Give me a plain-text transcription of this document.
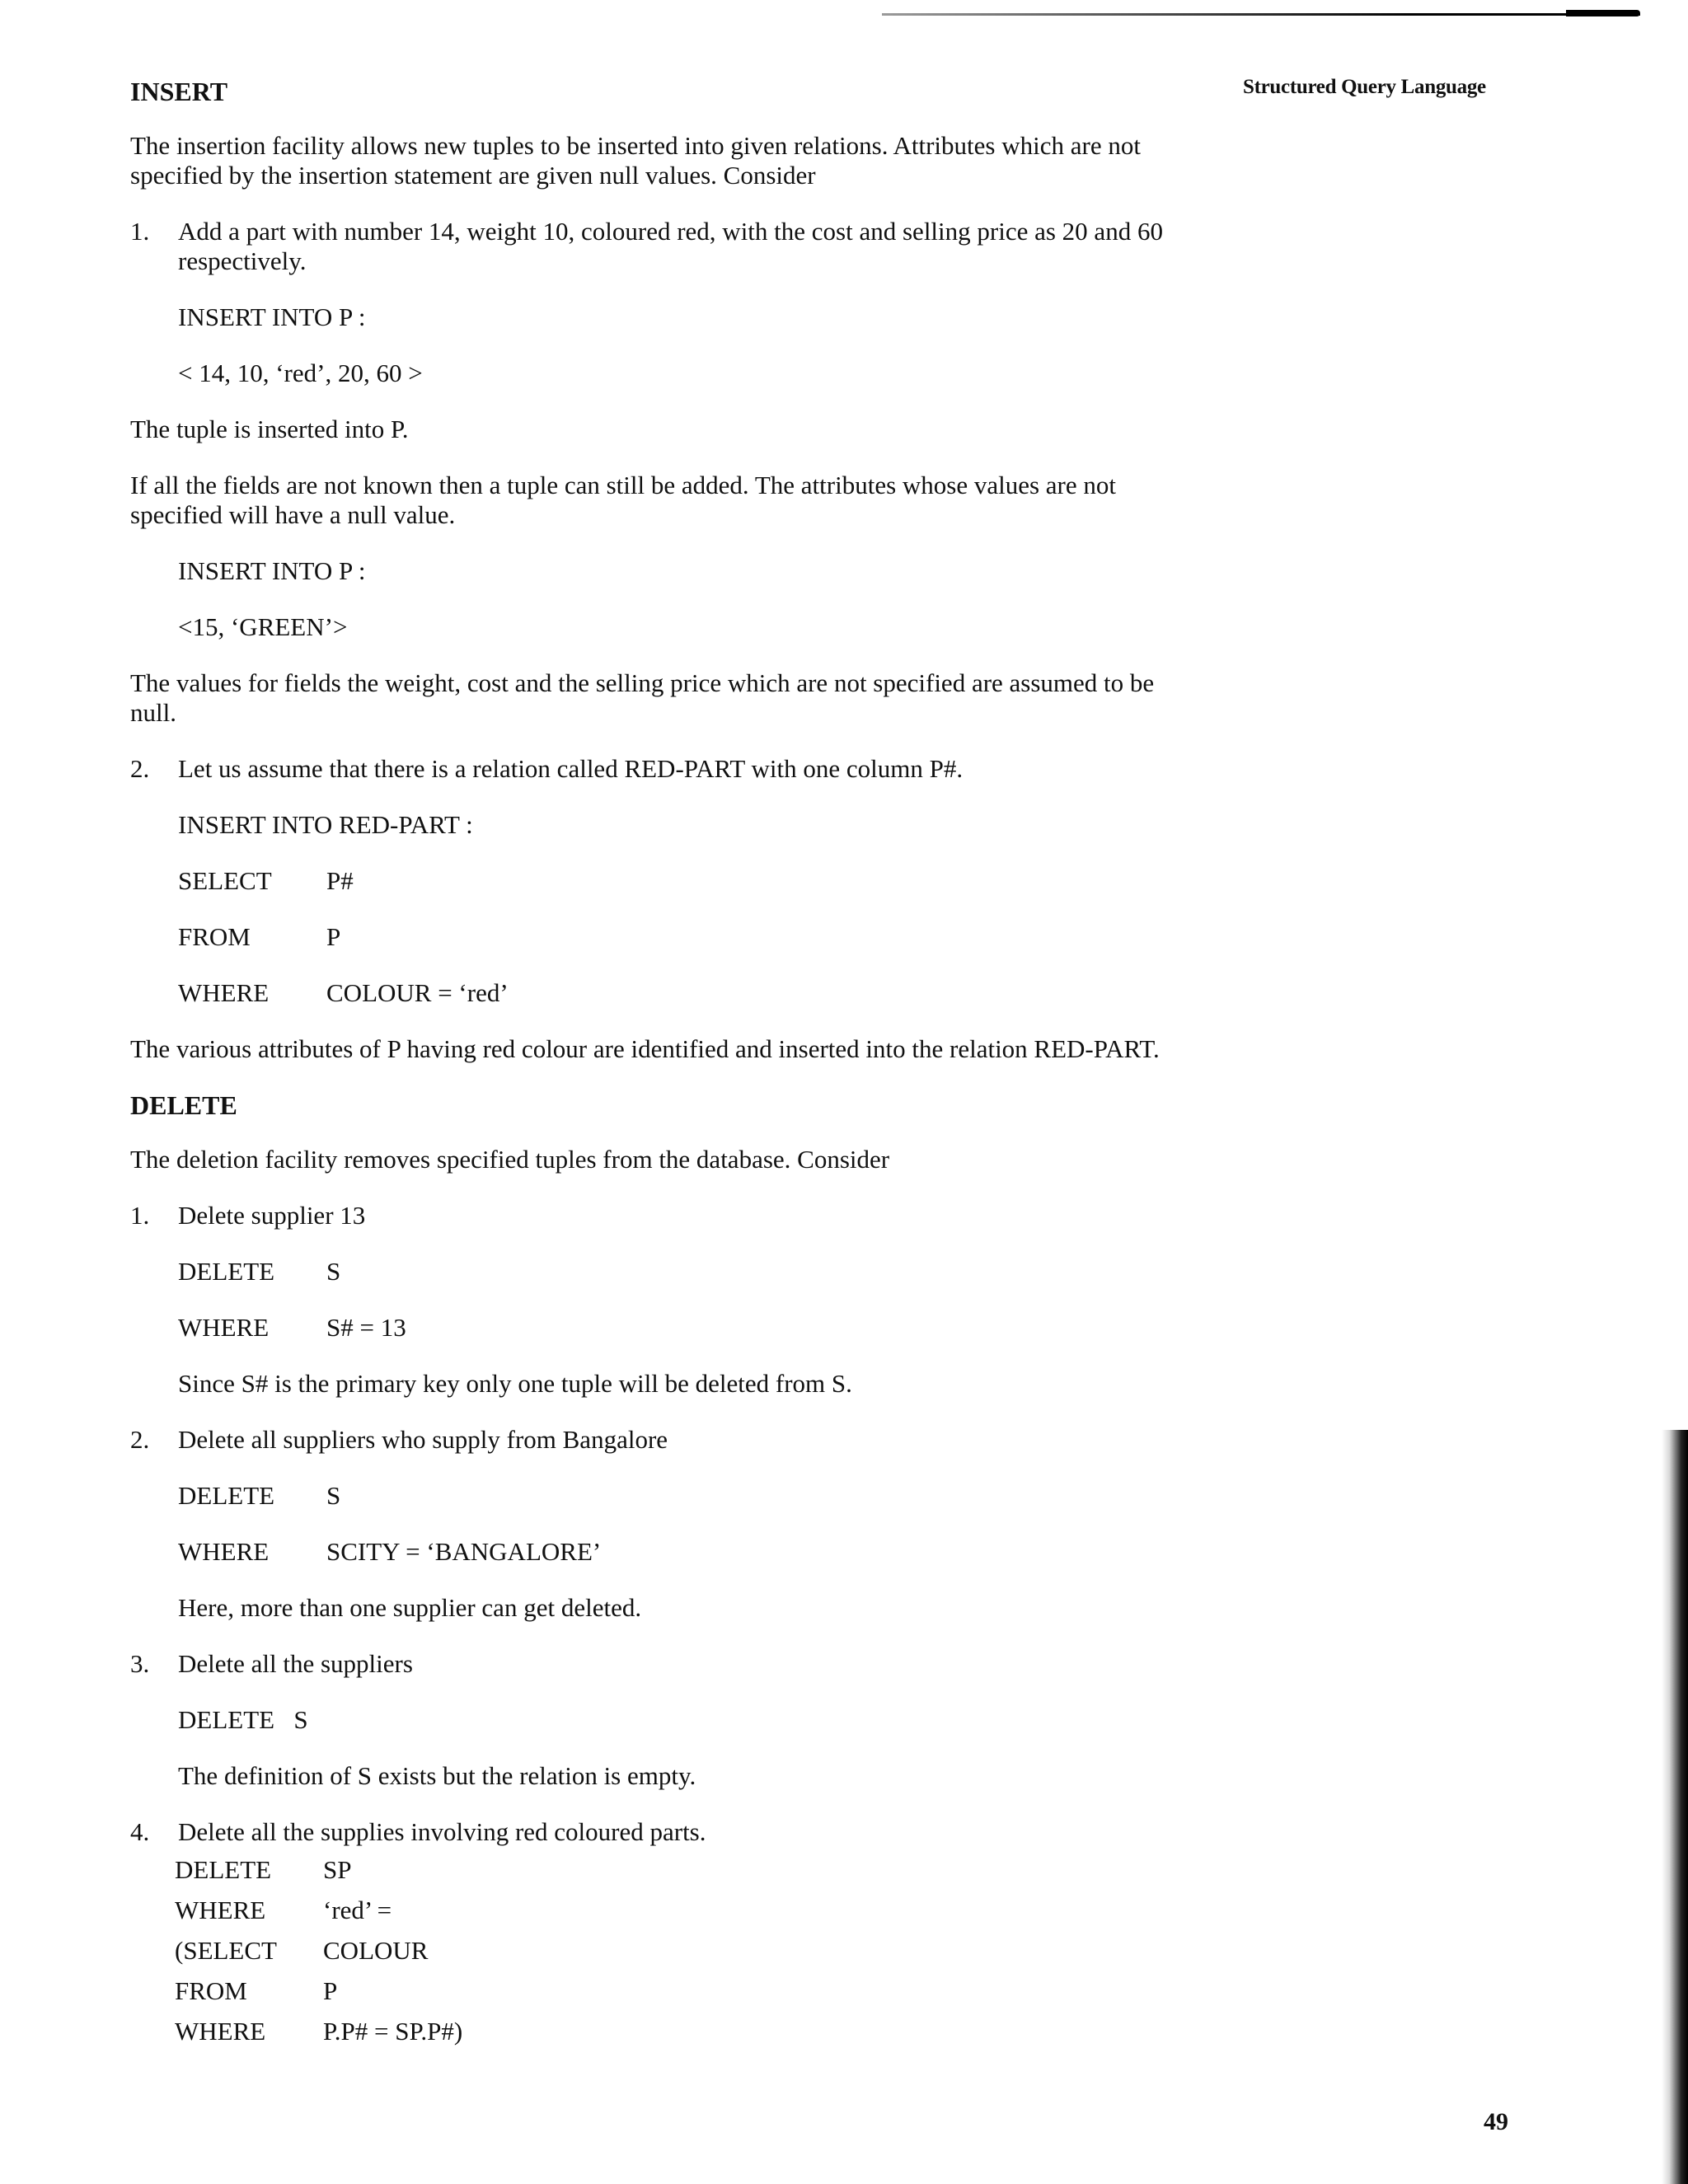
Structured Query Language
INSERT
The insertion facility allows new tuples to be inserted into given relations. Attributes which are not specified by the insertion statement are given null values. Consider
1. Add a part with number 14, weight 10, coloured red, with the cost and selling price as 20 and 60 respectively.
INSERT INTO P :
< 14, 10, ‘red’, 20, 60 >
The tuple is inserted into P.
If all the fields are not known then a tuple can still be added. The attributes whose values are not specified will have a null value.
INSERT INTO P :
<15, ‘GREEN’>
The values for fields the weight, cost and the selling price which are not specified are assumed to be null.
2. Let us assume that there is a relation called RED-PART with one column P#.
INSERT INTO RED-PART :
SELECT	P#
FROM	P
WHERE	COLOUR = ‘red’
The various attributes of P having red colour are identified and inserted into the relation RED-PART.
DELETE
The deletion facility removes specified tuples from the database. Consider
1. Delete supplier 13
DELETE	S
WHERE	S# = 13
Since S# is the primary key only one tuple will be deleted from S.
2. Delete all suppliers who supply from Bangalore
DELETE	S
WHERE	SCITY = ‘BANGALORE’
Here, more than one supplier can get deleted.
3. Delete all the suppliers
DELETE   S
The definition of S exists but the relation is empty.
4. Delete all the supplies involving red coloured parts.
DELETE	SP
WHERE	‘red’ =
(SELECT	COLOUR
FROM	P
WHERE	P.P# = SP.P#)
49
